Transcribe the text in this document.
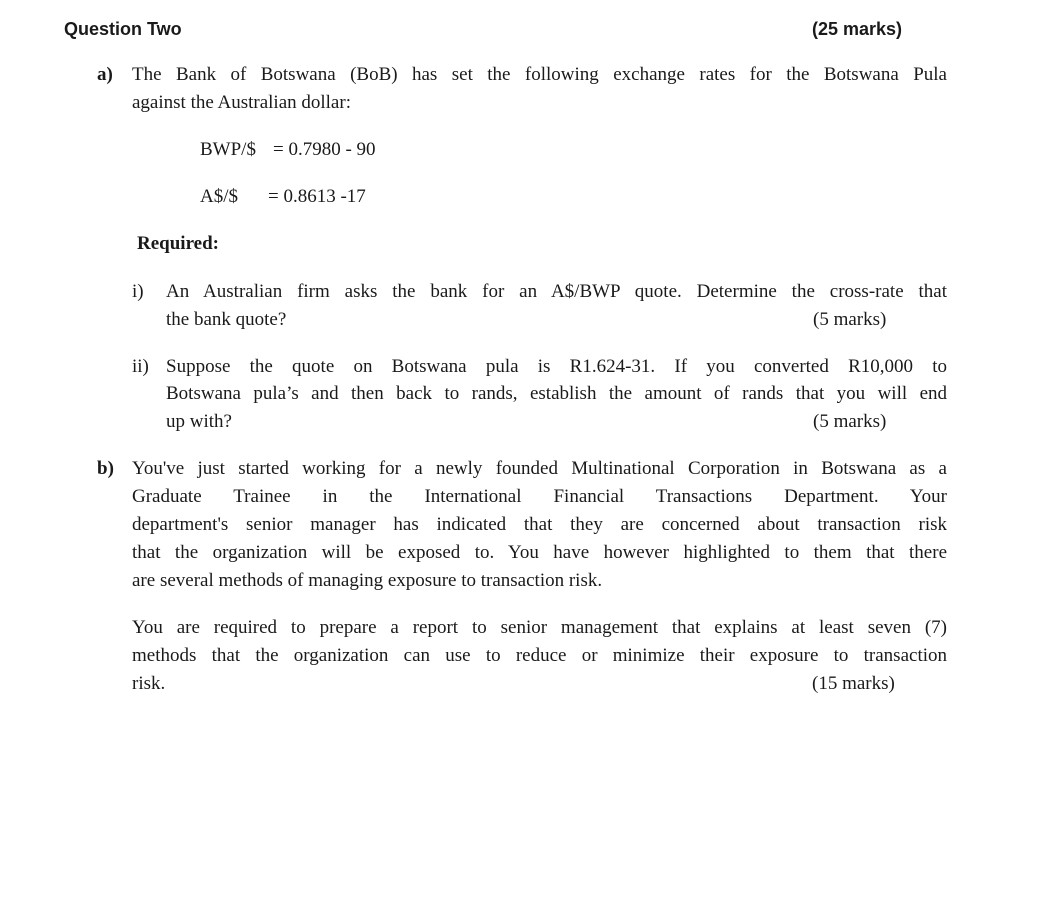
Question Two	(25 marks)
a) The Bank of Botswana (BoB) has set the following exchange rates for the Botswana Pula
against the Australian dollar:
BWP/$ = 0.7980 - 90
A$/$ = 0.8613 -17
Required:
i) An Australian firm asks the bank for an A$/BWP quote. Determine the cross-rate that
the bank quote?	(5 marks)
ii) Suppose the quote on Botswana pula is R1.624-31. If you converted R10,000 to
Botswana pula’s and then back to rands, establish the amount of rands that you will end
up with?	(5 marks)
b) You've just started working for a newly founded Multinational Corporation in Botswana as a
Graduate Trainee in the International Financial Transactions Department. Your
department's senior manager has indicated that they are concerned about transaction risk
that the organization will be exposed to. You have however highlighted to them that there
are several methods of managing exposure to transaction risk.
You are required to prepare a report to senior management that explains at least seven (7)
methods that the organization can use to reduce or minimize their exposure to transaction
risk.	(15 marks)
